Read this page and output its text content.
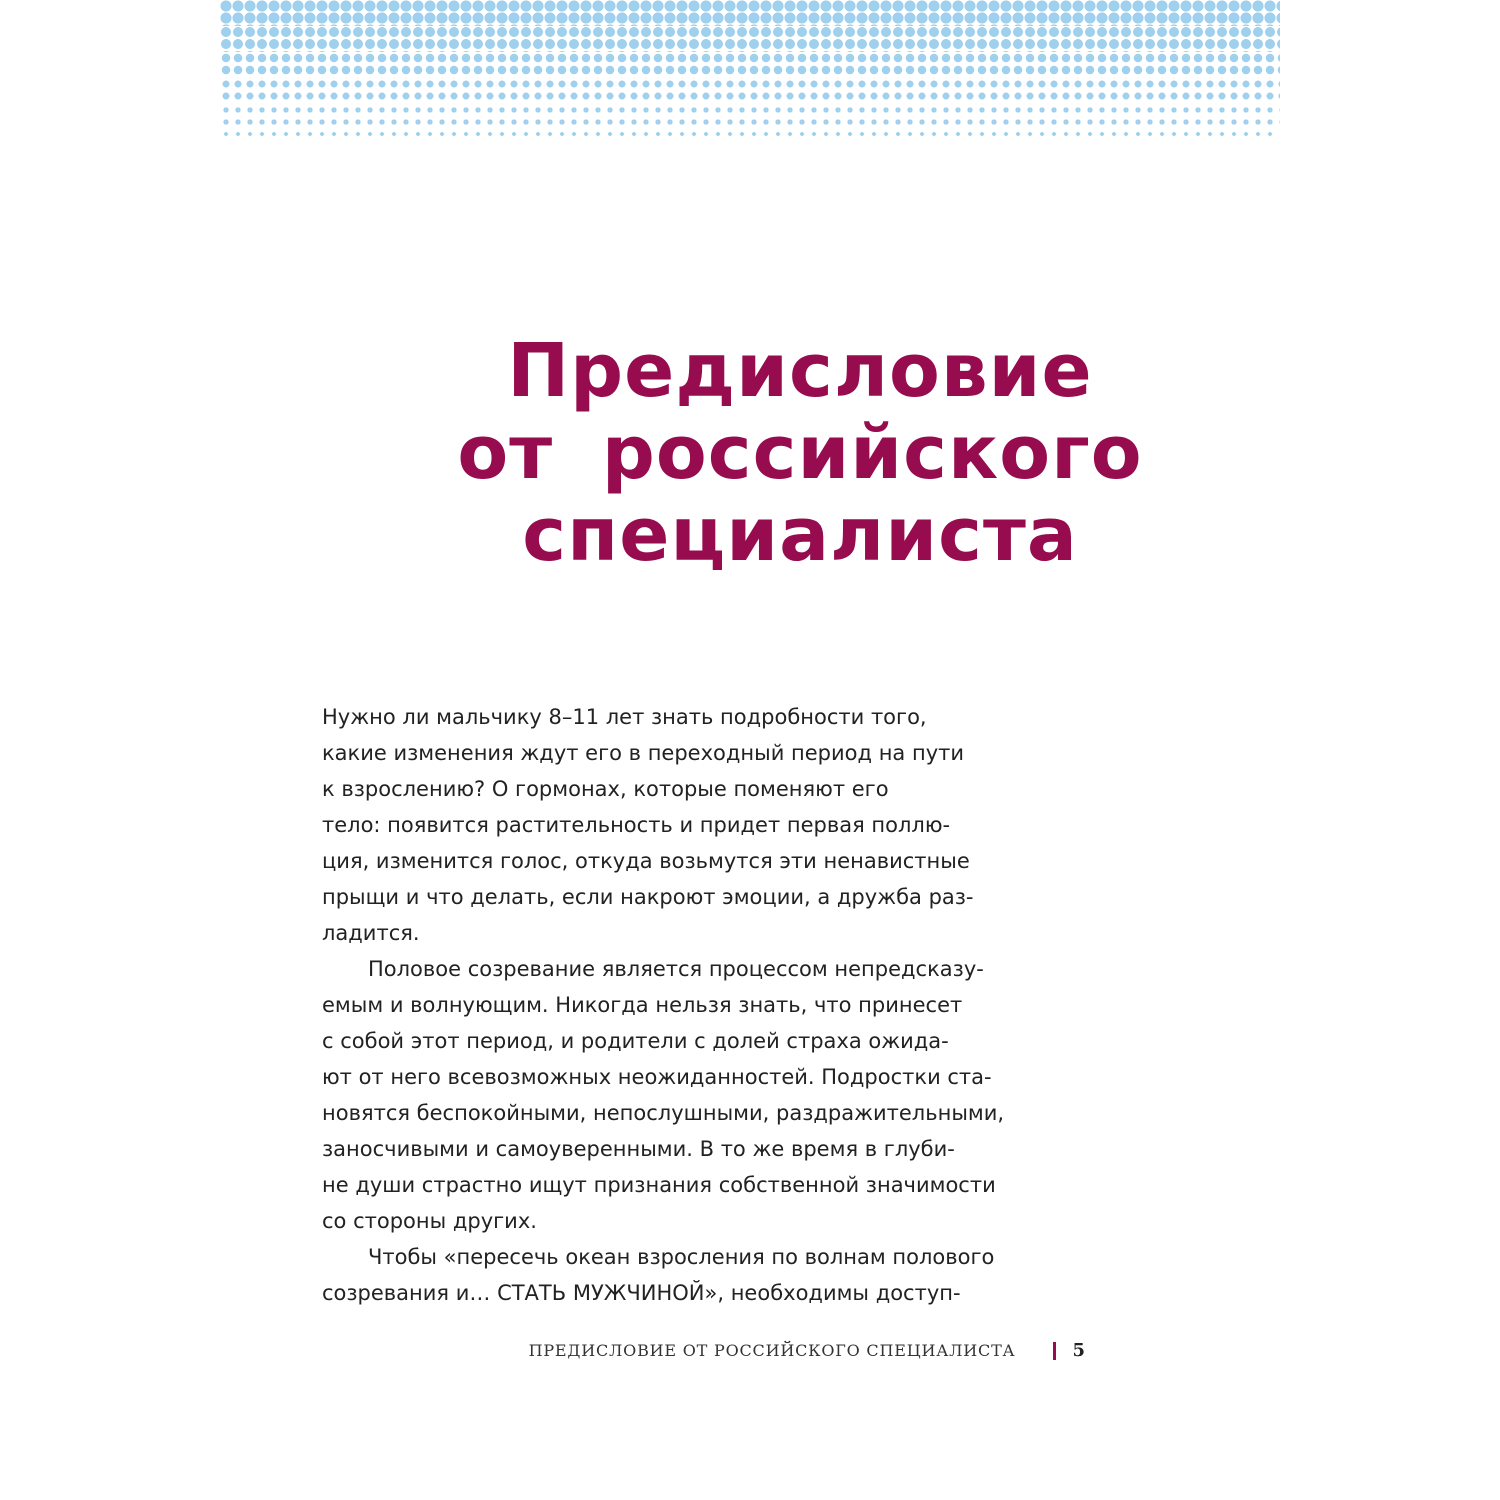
Предисловие
от российского
специалиста

Нужно ли мальчику 8–11 лет знать подробности того,
какие изменения ждут его в переходный период на пути
к взрослению? О гормонах, которые поменяют его
тело: появится растительность и придет первая поллю-
ция, изменится голос, откуда возьмутся эти ненавистные
прыщи и что делать, если накроют эмоции, а дружба раз-
ладится.

Половое созревание является процессом непредсказу-
емым и волнующим. Никогда нельзя знать, что принесет
с собой этот период, и родители с долей страха ожида-
ют от него всевозможных неожиданностей. Подростки ста-
новятся беспокойными, непослушными, раздражительными,
заносчивыми и самоуверенными. В то же время в глуби-
не души страстно ищут признания собственной значимости
со стороны других.

Чтобы «пересечь океан взросления по волнам полового
созревания и… СТАТЬ МУЖЧИНОЙ», необходимы доступ-

ПРЕДИСЛОВИЕ ОТ РОССИЙСКОГО СПЕЦИАЛИСТА	5
